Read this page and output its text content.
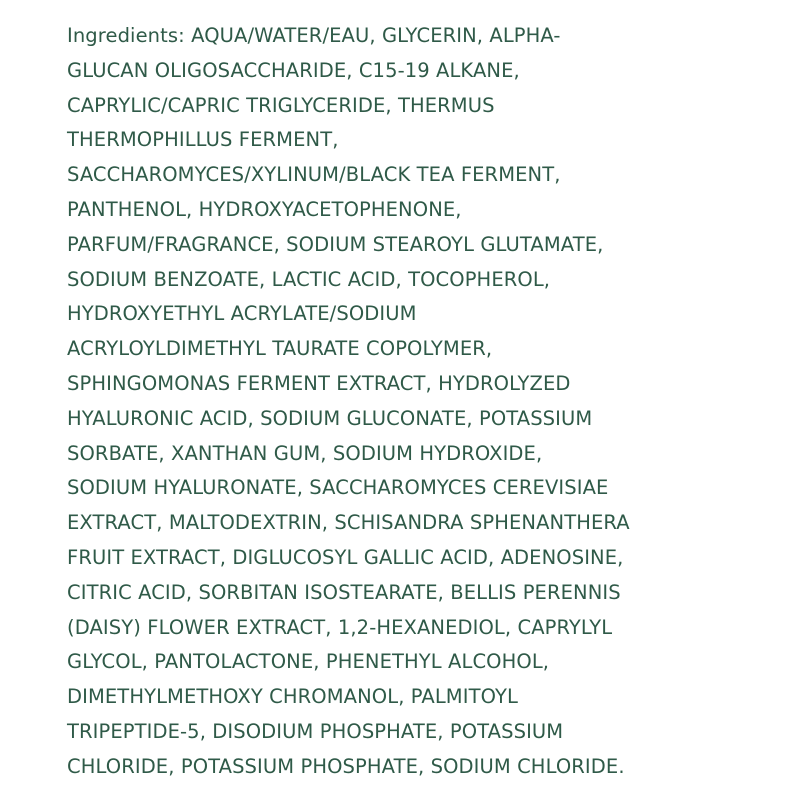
Ingredients: AQUA/WATER/EAU, GLYCERIN, ALPHA-
GLUCAN OLIGOSACCHARIDE, C15-19 ALKANE,
CAPRYLIC/CAPRIC TRIGLYCERIDE, THERMUS
THERMOPHILLUS FERMENT,
SACCHAROMYCES/XYLINUM/BLACK TEA FERMENT,
PANTHENOL, HYDROXYACETOPHENONE,
PARFUM/FRAGRANCE, SODIUM STEAROYL GLUTAMATE,
SODIUM BENZOATE, LACTIC ACID, TOCOPHEROL,
HYDROXYETHYL ACRYLATE/SODIUM
ACRYLOYLDIMETHYL TAURATE COPOLYMER,
SPHINGOMONAS FERMENT EXTRACT, HYDROLYZED
HYALURONIC ACID, SODIUM GLUCONATE, POTASSIUM
SORBATE, XANTHAN GUM, SODIUM HYDROXIDE,
SODIUM HYALURONATE, SACCHAROMYCES CEREVISIAE
EXTRACT, MALTODEXTRIN, SCHISANDRA SPHENANTHERA
FRUIT EXTRACT, DIGLUCOSYL GALLIC ACID, ADENOSINE,
CITRIC ACID, SORBITAN ISOSTEARATE, BELLIS PERENNIS
(DAISY) FLOWER EXTRACT, 1,2-HEXANEDIOL, CAPRYLYL
GLYCOL, PANTOLACTONE, PHENETHYL ALCOHOL,
DIMETHYLMETHOXY CHROMANOL, PALMITOYL
TRIPEPTIDE-5, DISODIUM PHOSPHATE, POTASSIUM
CHLORIDE, POTASSIUM PHOSPHATE, SODIUM CHLORIDE.
